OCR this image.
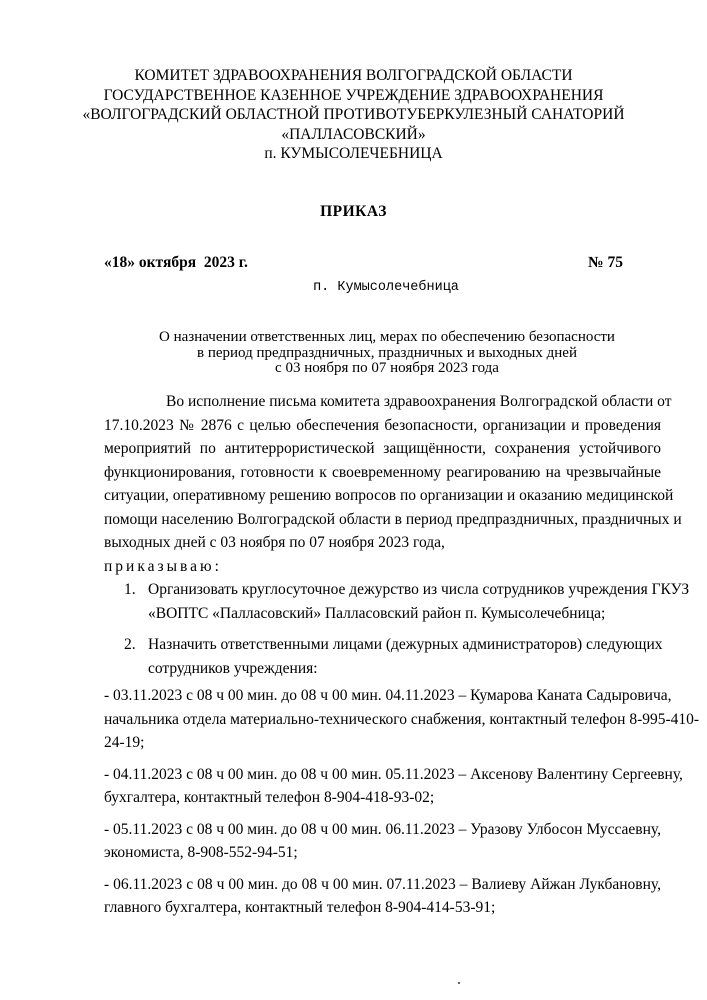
КОМИТЕТ ЗДРАВООХРАНЕНИЯ ВОЛГОГРАДСКОЙ ОБЛАСТИ
ГОСУДАРСТВЕННОЕ КАЗЕННОЕ УЧРЕЖДЕНИЕ ЗДРАВООХРАНЕНИЯ
«ВОЛГОГРАДСКИЙ ОБЛАСТНОЙ ПРОТИВОТУБЕРКУЛЕЗНЫЙ САНАТОРИЙ
«ПАЛЛАСОВСКИЙ»
п. КУМЫСОЛЕЧЕБНИЦА
ПРИКАЗ
«18» октября  2023 г.	№ 75
п. Кумысолечебница
О назначении ответственных лиц, мерах по обеспечению безопасности
в период предпраздничных, праздничных и выходных дней
с 03 ноября по 07 ноября 2023 года
Во исполнение письма комитета здравоохранения Волгоградской области от
17.10.2023 № 2876 с целью обеспечения безопасности, организации и проведения
мероприятий по антитеррористической защищённости, сохранения устойчивого
функционирования, готовности к своевременному реагированию на чрезвычайные
ситуации, оперативному решению вопросов по организации и оказанию медицинской
помощи населению Волгоградской области в период предпраздничных, праздничных и
выходных дней с 03 ноября по 07 ноября 2023 года,
приказываю:
1. Организовать круглосуточное дежурство из числа сотрудников учреждения ГКУЗ
«ВОПТС «Палласовский» Палласовский район п. Кумысолечебница;
2. Назначить ответственными лицами (дежурных администраторов) следующих
сотрудников учреждения:
- 03.11.2023 с 08 ч 00 мин. до 08 ч 00 мин. 04.11.2023 – Кумарова Каната Садыровича,
начальника отдела материально-технического снабжения, контактный телефон 8-995-410-
24-19;
- 04.11.2023 с 08 ч 00 мин. до 08 ч 00 мин. 05.11.2023 – Аксенову Валентину Сергеевну,
бухгалтера, контактный телефон 8-904-418-93-02;
- 05.11.2023 с 08 ч 00 мин. до 08 ч 00 мин. 06.11.2023 – Уразову Улбосон Муссаевну,
экономиста, 8-908-552-94-51;
- 06.11.2023 с 08 ч 00 мин. до 08 ч 00 мин. 07.11.2023 – Валиеву Айжан Лукбановну,
главного бухгалтера, контактный телефон 8-904-414-53-91;
